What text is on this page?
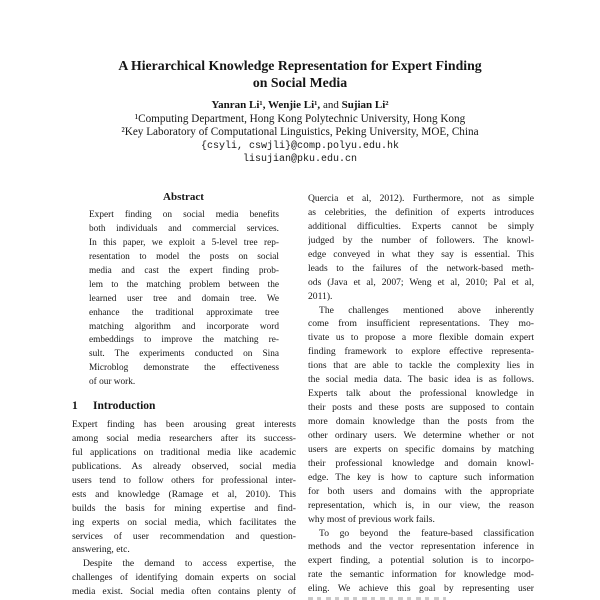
A Hierarchical Knowledge Representation for Expert Finding
on Social Media
Yanran Li¹, Wenjie Li¹, and Sujian Li²
¹Computing Department, Hong Kong Polytechnic University, Hong Kong
²Key Laboratory of Computational Linguistics, Peking University, MOE, China
{csyli, cswjli}@comp.polyu.edu.hk
lisujian@pku.edu.cn
Abstract
Expert finding on social media benefits
both individuals and commercial services.
In this paper, we exploit a 5-level tree rep-
resentation to model the posts on social
media and cast the expert finding prob-
lem to the matching problem between the
learned user tree and domain tree. We
enhance the traditional approximate tree
matching algorithm and incorporate word
embeddings to improve the matching re-
sult. The experiments conducted on Sina
Microblog demonstrate the effectiveness
of our work.
1 Introduction
Expert finding has been arousing great interests
among social media researchers after its success-
ful applications on traditional media like academic
publications. As already observed, social media
users tend to follow others for professional inter-
ests and knowledge (Ramage et al, 2010). This
builds the basis for mining expertise and find-
ing experts on social media, which facilitates the
services of user recommendation and question-
answering, etc.
Despite the demand to access expertise, the
challenges of identifying domain experts on social
media exist. Social media often contains plenty of
Quercia et al, 2012). Furthermore, not as simple
as celebrities, the definition of experts introduces
additional difficulties. Experts cannot be simply
judged by the number of followers. The knowl-
edge conveyed in what they say is essential. This
leads to the failures of the network-based meth-
ods (Java et al, 2007; Weng et al, 2010; Pal et al,
2011).
The challenges mentioned above inherently
come from insufficient representations. They mo-
tivate us to propose a more flexible domain expert
finding framework to explore effective representa-
tions that are able to tackle the complexity lies in
the social media data. The basic idea is as follows.
Experts talk about the professional knowledge in
their posts and these posts are supposed to contain
more domain knowledge than the posts from the
other ordinary users. We determine whether or not
users are experts on specific domains by matching
their professional knowledge and domain knowl-
edge. The key is how to capture such information
for both users and domains with the appropriate
representation, which is, in our view, the reason
why most of previous work fails.
To go beyond the feature-based classification
methods and the vector representation inference in
expert finding, a potential solution is to incorpo-
rate the semantic information for knowledge mod-
eling. We achieve this goal by representing user
